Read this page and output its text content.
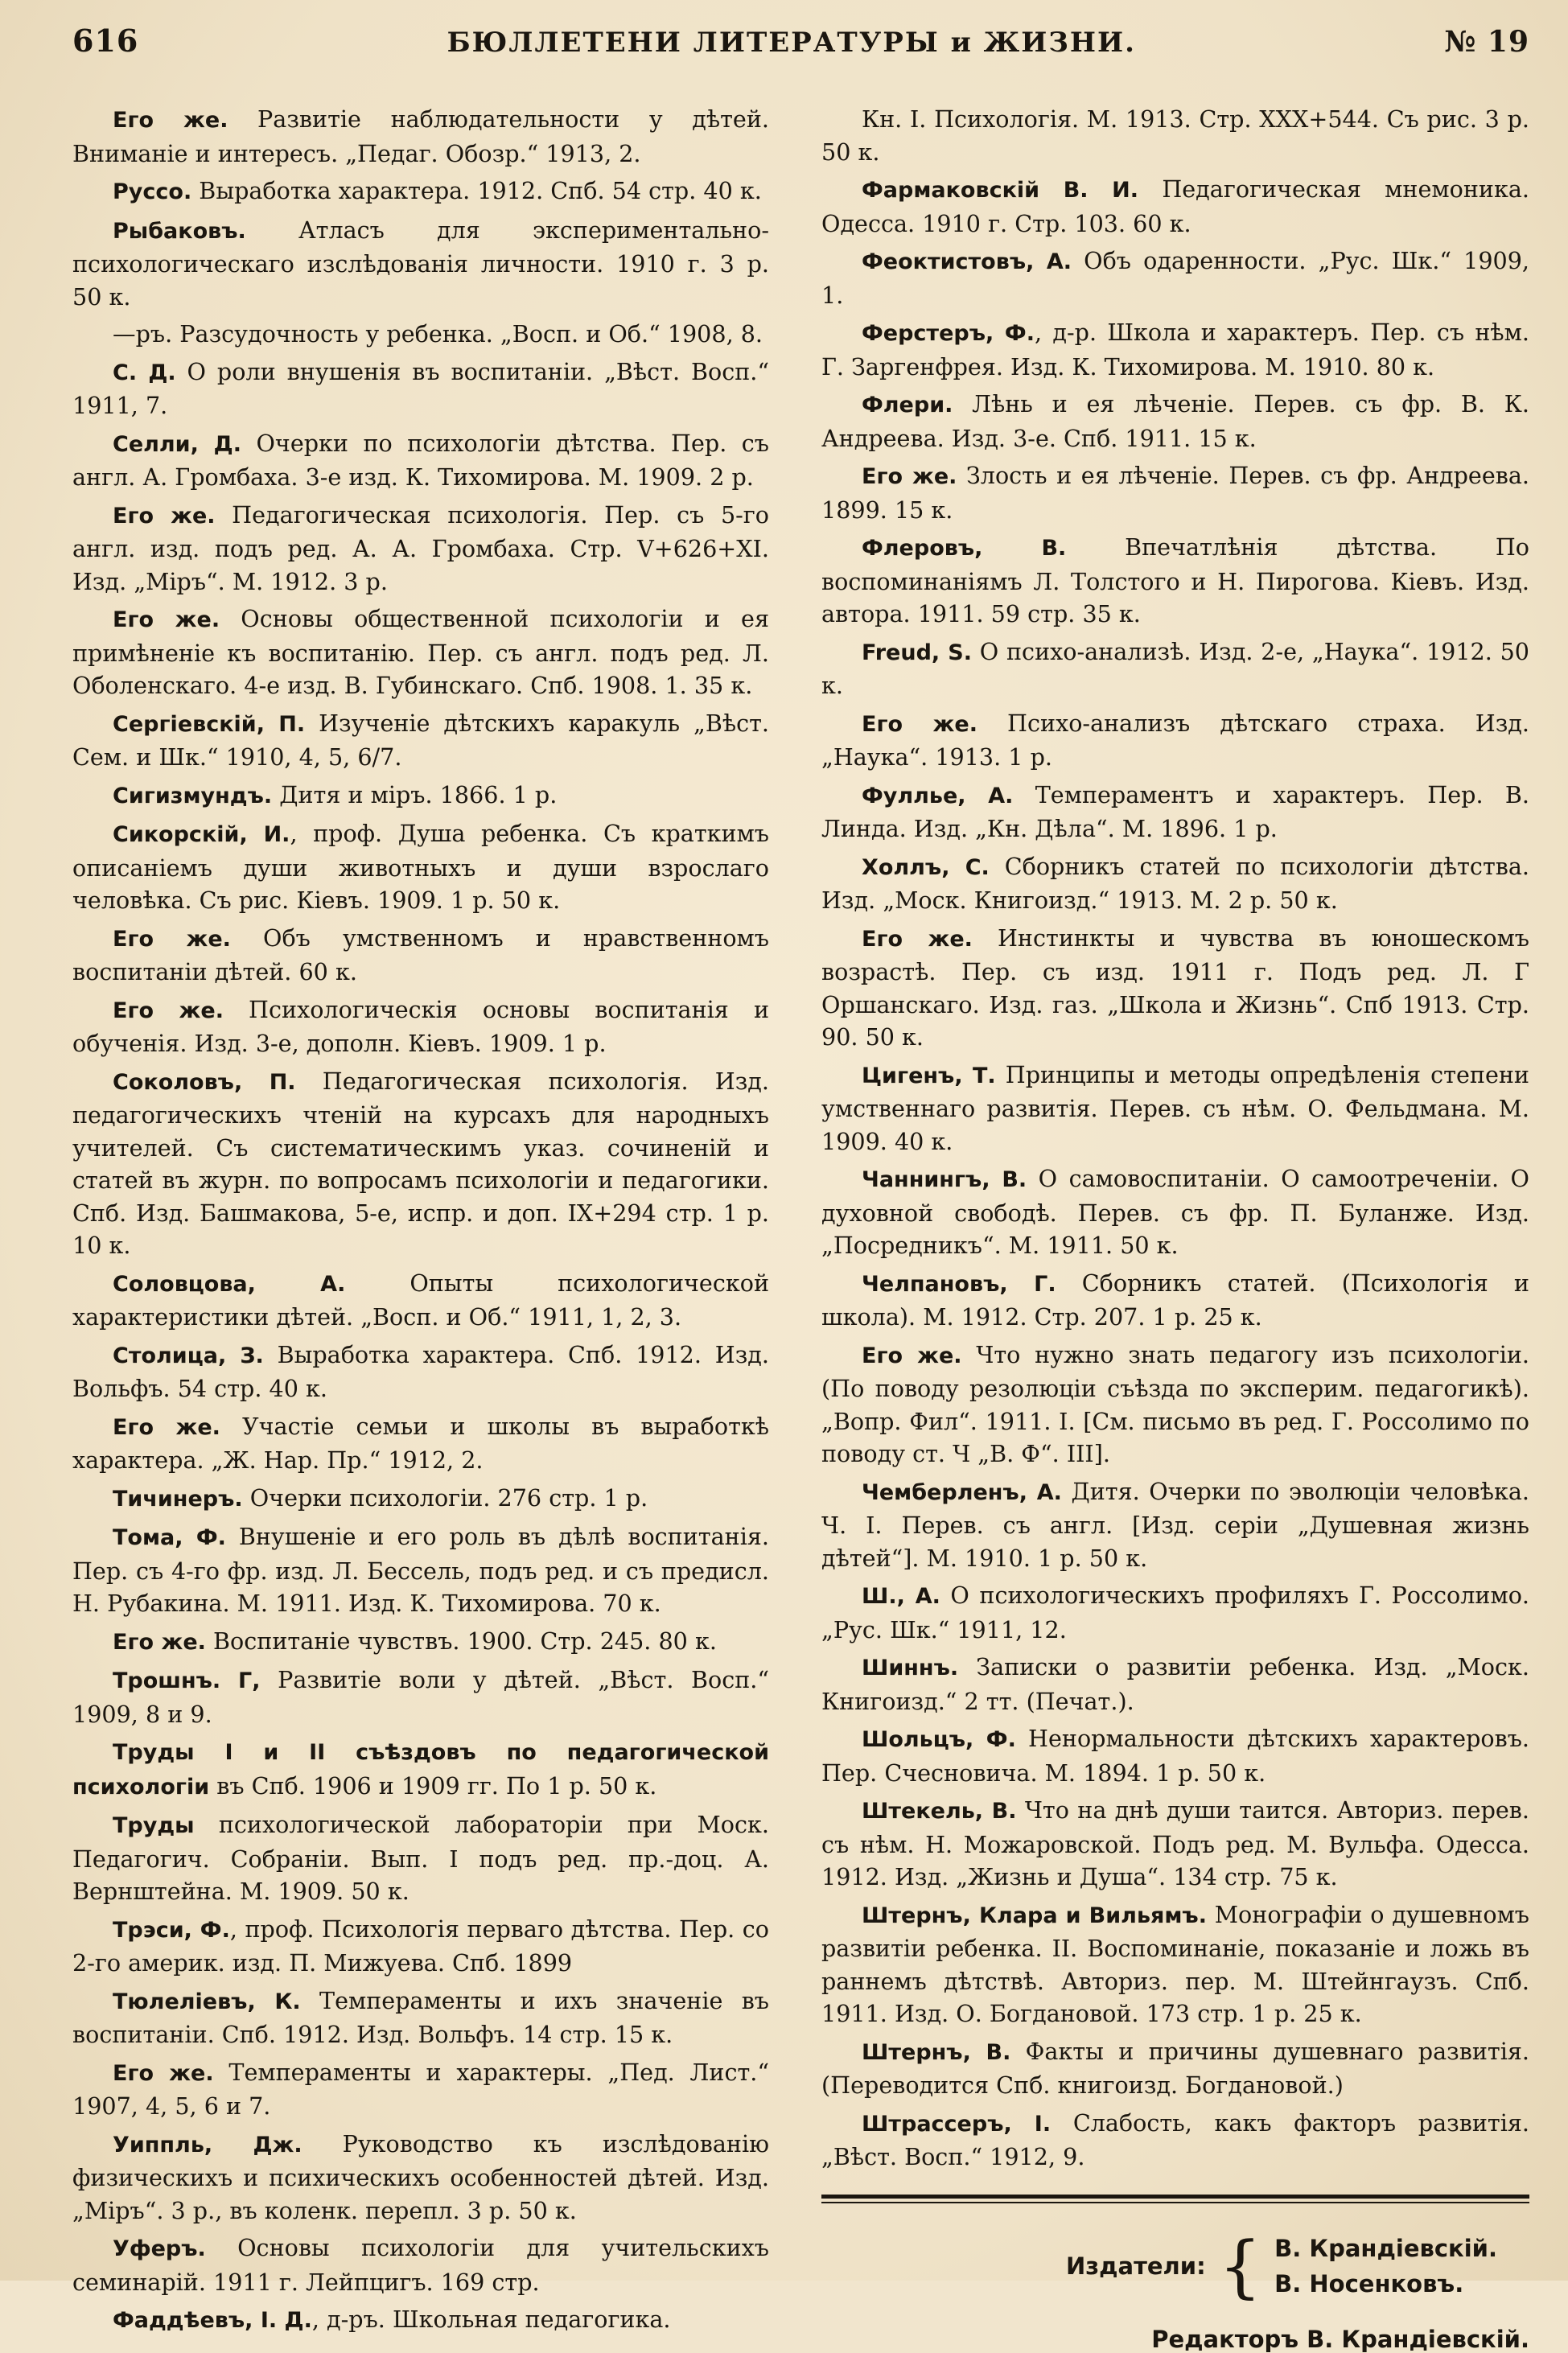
616	БЮЛЛЕТЕНИ ЛИТЕРАТУРЫ и ЖИЗНИ.	№ 19

Его же. Развитіе наблюдательности у дѣтей. Вниманіе и интересъ. „Педаг. Обозр.“ 1913, 2.

Руссо. Выработка характера. 1912. Спб. 54 стр. 40 к.

Рыбаковъ. Атласъ для экспериментально-психологическаго изслѣдованія личности. 1910 г. 3 р. 50 к.

—ръ. Разсудочность у ребенка. „Восп. и Об.“ 1908, 8.

С. Д. О роли внушенія въ воспитаніи. „Вѣст. Восп.“ 1911, 7.

Селли, Д. Очерки по психологіи дѣтства. Пер. съ англ. А. Громбаха. 3-е изд. К. Тихомирова. М. 1909. 2 р.

Его же. Педагогическая психологія. Пер. съ 5-го англ. изд. подъ ред. А. А. Громбаха. Стр. V+626+XI. Изд. „Міръ“. М. 1912. 3 р.

Его же. Основы общественной психологіи и ея примѣненіе къ воспитанію. Пер. съ англ. подъ ред. Л. Оболенскаго. 4-е изд. В. Губинскаго. Спб. 1908. 1. 35 к.

Сергіевскій, П. Изученіе дѣтскихъ каракуль „Вѣст. Сем. и Шк.“ 1910, 4, 5, 6/7.

Сигизмундъ. Дитя и міръ. 1866. 1 р.

Сикорскій, И., проф. Душа ребенка. Съ краткимъ описаніемъ души животныхъ и души взрослаго человѣка. Съ рис. Кіевъ. 1909. 1 р. 50 к.

Его же. Объ умственномъ и нравственномъ воспитаніи дѣтей. 60 к.

Его же. Психологическія основы воспитанія и обученія. Изд. 3-е, дополн. Кіевъ. 1909. 1 р.

Соколовъ, П. Педагогическая психологія. Изд. педагогическихъ чтеній на курсахъ для народныхъ учителей. Съ систематическимъ указ. сочиненій и статей въ журн. по вопросамъ психологіи и педагогики. Спб. Изд. Башмакова, 5-е, испр. и доп. IX+294 стр. 1 р. 10 к.

Соловцова, А. Опыты психологической характеристики дѣтей. „Восп. и Об.“ 1911, 1, 2, 3.

Столица, З. Выработка характера. Спб. 1912. Изд. Вольфъ. 54 стр. 40 к.

Его же. Участіе семьи и школы въ выработкѣ характера. „Ж. Нар. Пр.“ 1912, 2.

Тичинеръ. Очерки психологіи. 276 стр. 1 р.

Тома, Ф. Внушеніе и его роль въ дѣлѣ воспитанія. Пер. съ 4-го фр. изд. Л. Бессель, подъ ред. и съ предисл. Н. Рубакина. М. 1911. Изд. К. Тихомирова. 70 к.

Его же. Воспитаніе чувствъ. 1900. Стр. 245. 80 к.

Трошнъ. Г, Развитіе воли у дѣтей. „Вѣст. Восп.“ 1909, 8 и 9.

Труды I и II съѣздовъ по педагогической психологіи въ Спб. 1906 и 1909 гг. По 1 р. 50 к.

Труды психологической лабораторіи при Моск. Педагогич. Собраніи. Вып. I подъ ред. пр.-доц. А. Вернштейна. М. 1909. 50 к.

Трэси, Ф., проф. Психологія перваго дѣтства. Пер. со 2-го америк. изд. П. Мижуева. Спб. 1899

Тюлеліевъ, К. Темпераменты и ихъ значеніе въ воспитаніи. Спб. 1912. Изд. Вольфъ. 14 стр. 15 к.

Его же. Темпераменты и характеры. „Пед. Лист.“ 1907, 4, 5, 6 и 7.

Уиппль, Дж. Руководство къ изслѣдованію физическихъ и психическихъ особенностей дѣтей. Изд. „Міръ“. 3 р., въ коленк. перепл. 3 р. 50 к.

Уферъ. Основы психологіи для учительскихъ семинарій. 1911 г. Лейпцигъ. 169 стр.

Фаддѣевъ, I. Д., д-ръ. Школьная педагогика.

Кн. I. Психологія. М. 1913. Стр. XXX+544. Съ рис. 3 р. 50 к.

Фармаковскій В. И. Педагогическая мнемоника. Одесса. 1910 г. Стр. 103. 60 к.

Феоктистовъ, А. Объ одаренности. „Рус. Шк.“ 1909, 1.

Ферстеръ, Ф., д-р. Школа и характеръ. Пер. съ нѣм. Г. Заргенфрея. Изд. К. Тихомирова. М. 1910. 80 к.

Флери. Лѣнь и ея лѣченіе. Перев. съ фр. В. К. Андреева. Изд. 3-е. Спб. 1911. 15 к.

Его же. Злость и ея лѣченіе. Перев. съ фр. Андреева. 1899. 15 к.

Флеровъ, В. Впечатлѣнія дѣтства. По воспоминаніямъ Л. Толстого и Н. Пирогова. Кіевъ. Изд. автора. 1911. 59 стр. 35 к.

Freud, S. О психо-анализѣ. Изд. 2-е, „Наука“. 1912. 50 к.

Его же. Психо-анализъ дѣтскаго страха. Изд. „Наука“. 1913. 1 р.

Фуллье, А. Темпераментъ и характеръ. Пер. В. Линда. Изд. „Кн. Дѣла“. М. 1896. 1 р.

Холлъ, С. Сборникъ статей по психологіи дѣтства. Изд. „Моск. Книгоизд.“ 1913. М. 2 р. 50 к.

Его же. Инстинкты и чувства въ юношескомъ возрастѣ. Пер. съ изд. 1911 г. Подъ ред. Л. Г Оршанскаго. Изд. газ. „Школа и Жизнь“. Спб 1913. Стр. 90. 50 к.

Цигенъ, Т. Принципы и методы опредѣленія степени умственнаго развитія. Перев. съ нѣм. О. Фельдмана. М. 1909. 40 к.

Чаннингъ, В. О самовоспитаніи. О самоотреченіи. О духовной свободѣ. Перев. съ фр. П. Буланже. Изд. „Посредникъ“. М. 1911. 50 к.

Челпановъ, Г. Сборникъ статей. (Психологія и школа). М. 1912. Стр. 207. 1 р. 25 к.

Его же. Что нужно знать педагогу изъ психологіи. (По поводу резолюціи съѣзда по эксперим. педагогикѣ). „Вопр. Фил“. 1911. I. [См. письмо въ ред. Г. Россолимо по поводу ст. Ч „В. Ф“. III].

Чемберленъ, А. Дитя. Очерки по эволюціи человѣка. Ч. I. Перев. съ англ. [Изд. серіи „Душевная жизнь дѣтей“]. М. 1910. 1 р. 50 к.

Ш., А. О психологическихъ профиляхъ Г. Россолимо. „Рус. Шк.“ 1911, 12.

Шиннъ. Записки о развитіи ребенка. Изд. „Моск. Книгоизд.“ 2 тт. (Печат.).

Шольцъ, Ф. Ненормальности дѣтскихъ характеровъ. Пер. Счесновича. М. 1894. 1 р. 50 к.

Штекель, В. Что на днѣ души таится. Авториз. перев. съ нѣм. Н. Можаровской. Подъ ред. М. Вульфа. Одесса. 1912. Изд. „Жизнь и Душа“. 134 стр. 75 к.

Штернъ, Клара и Вильямъ. Монографіи о душевномъ развитіи ребенка. II. Воспоминаніе, показаніе и ложь въ раннемъ дѣтствѣ. Авториз. пер. М. Штейнгаузъ. Спб. 1911. Изд. О. Богдановой. 173 стр. 1 р. 25 к.

Штернъ, В. Факты и причины душевнаго развитія. (Переводится Спб. книгоизд. Богдановой.)

Штрассеръ, I. Слабость, какъ факторъ развитія. „Вѣст. Восп.“ 1912, 9.

Издатели: { В. Крандіевскій.
В. Носенковъ.
Редакторъ В. Крандіевскій.
